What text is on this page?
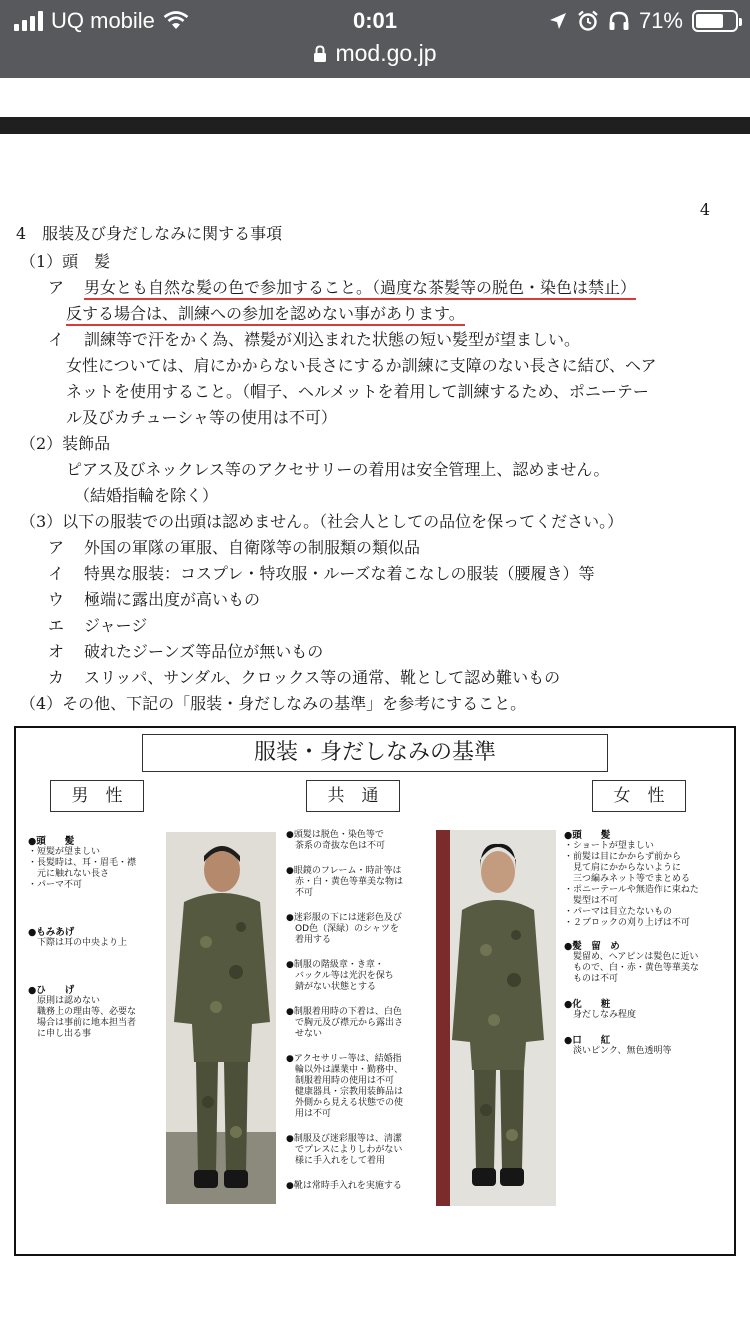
UQ mobile	0:01	71%
mod.go.jp
4
4　服装及び身だしなみに関する事項
（1）頭　髪
ア 男女とも自然な髪の色で参加すること。（過度な茶髪等の脱色・染色は禁止）
反する場合は、訓練への参加を認めない事があります。
イ 訓練等で汗をかく為、襟髪が刈込まれた状態の短い髪型が望ましい。
女性については、肩にかからない長さにするか訓練に支障のない長さに結び、ヘア
ネットを使用すること。（帽子、ヘルメットを着用して訓練するため、ポニーテー
ル及びカチューシャ等の使用は不可）
（2）装飾品
ピアス及びネックレス等のアクセサリーの着用は安全管理上、認めません。
（結婚指輪を除く）
（3）以下の服装での出頭は認めません。（社会人としての品位を保ってください。）
ア 外国の軍隊の軍服、自衛隊等の制服類の類似品
イ 特異な服装：コスプレ・特攻服・ルーズな着こなしの服装（腰履き）等
ウ 極端に露出度が高いもの
エ ジャージ
オ 破れたジーンズ等品位が無いもの
カ スリッパ、サンダル、クロックス等の通常、靴として認め難いもの
（4）その他、下記の「服装・身だしなみの基準」を参考にすること。
服装・身だしなみの基準
男　性	共　通	女　性
●頭　　髪
・短髪が望ましい
・長髪時は、耳・眉毛・襟
　元に触れない長さ
・パーマ不可
●もみあげ
　下際は耳の中央より上
●ひ　　げ
　原則は認めない
　職務上の理由等、必要な
　場合は事前に地本担当者
　に申し出る事
●頭髪は脱色・染色等で
　茶系の奇抜な色は不可
●眼鏡のフレーム・時計等は
　赤・白・黄色等華美な物は
　不可
●迷彩服の下には迷彩色及び
　OD色（深緑）のシャツを
　着用する
●制服の階級章・き章・
　バックル等は光沢を保ち
　錆がない状態とする
●制服着用時の下着は、白色
　で胸元及び襟元から露出さ
　せない
●アクセサリー等は、結婚指
　輪以外は課業中・勤務中、
　制服着用時の使用は不可
　健康器具・宗教用装飾品は
　外側から見える状態での使
　用は不可
●制服及び迷彩服等は、清潔
　でプレスによりしわがない
　様に手入れをして着用
●靴は常時手入れを実施する
●頭　　髪
・ショートが望ましい
・前髪は目にかからず前から
　見て肩にかからないように
　三つ編みネット等でまとめる
・ポニーテールや無造作に束ねた
　髪型は不可
・パーマは目立たないもの
・２ブロックの刈り上げは不可
●髪　留　め
　髪留め、ヘアピンは髪色に近い
　もので、白・赤・黄色等華美な
　ものは不可
●化　　粧
　身だしなみ程度
●口　　紅
　淡いピンク、無色透明等
